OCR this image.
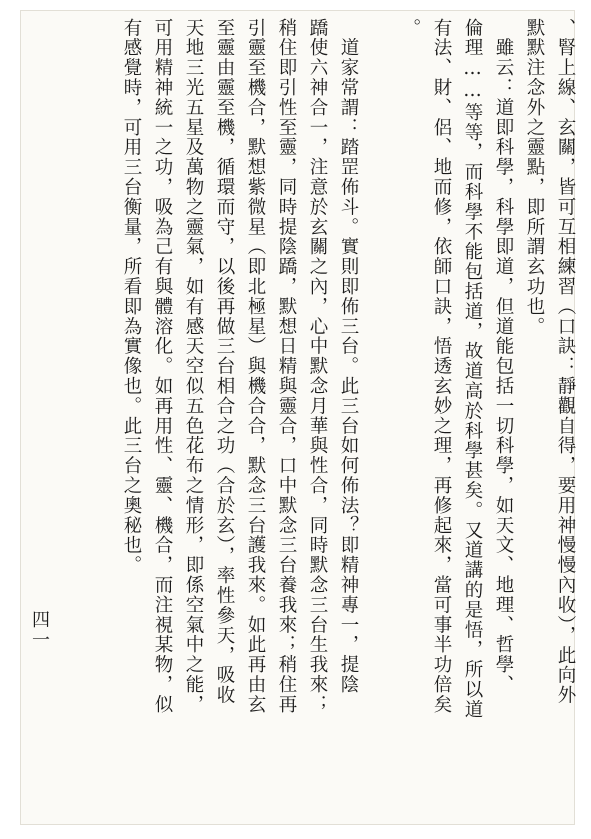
、腎上線、玄關，皆可互相練習（口訣：靜觀自得，要用神慢慢內收），此向外
默默注念外之靈點，即所謂玄功也。
　雖云：道即科學，科學即道，但道能包括一切科學，如天文、地理、哲學、
倫理……等等，而科學不能包括道，故道高於科學甚矣。又道講的是悟，所以道
有法、財、侶、地而修，依師口訣，悟透玄妙之理，再修起來，當可事半功倍矣
。
　道家常謂：踏罡佈斗。實則即佈三台。此三台如何佈法？即精神專一，提陰
蹻使六神合一，注意於玄關之內，心中默念月華與性合，同時默念三台生我來；
稍住即引性至靈，同時提陰蹻，默想日精與靈合，口中默念三台養我來；稍住再
引靈至機合，默想紫微星（即北極星）與機合合，默念三台護我來。如此再由玄
至靈由靈至機，循環而守，以後再做三台相合之功（合於玄），率性參天，吸收
天地三光五星及萬物之靈氣，如有感天空似五色花布之情形，即係空氣中之能，
可用精神統一之功，吸為己有與體溶化。如再用性、靈、機合，而注視某物，似
有感覺時，可用三台衡量，所看即為實像也。此三台之奧秘也。
四一
